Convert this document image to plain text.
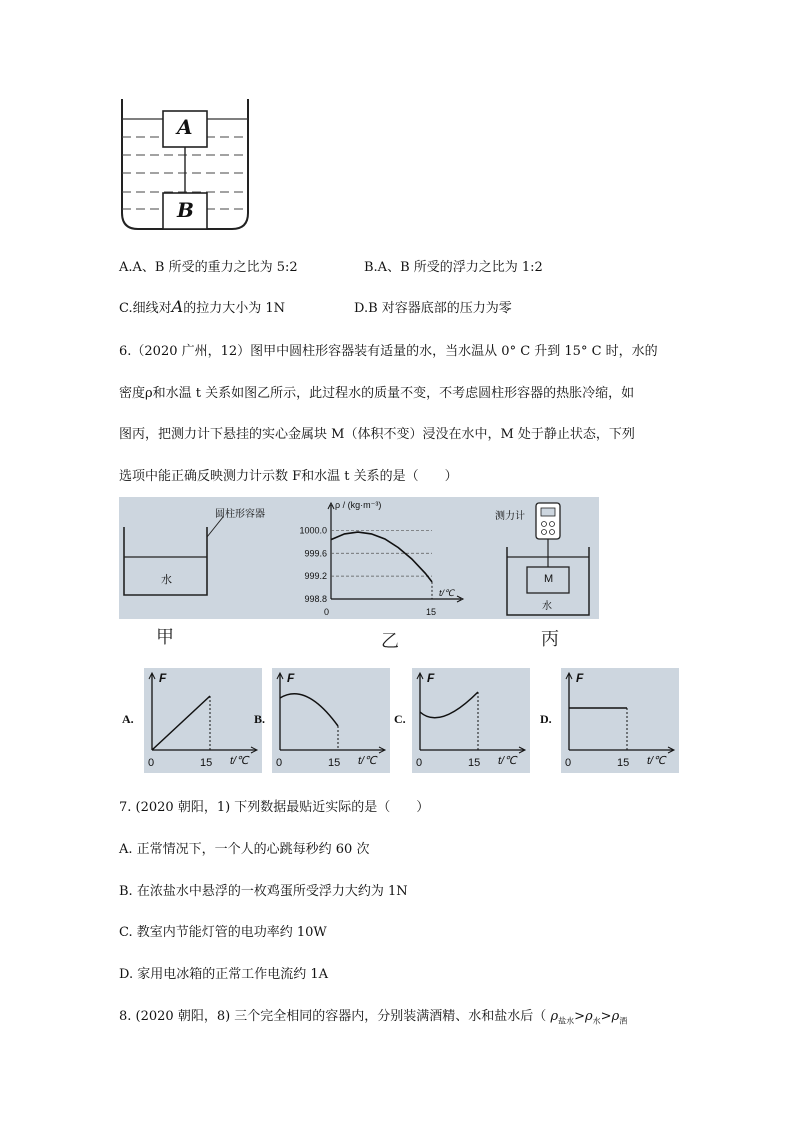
A
B
A.A、B 所受的重力之比为 5:2	B.A、B 所受的浮力之比为 1:2
C.细线对A的拉力大小为 1N	D.B 对容器底部的压力为零
6.（2020 广州，12）图甲中圆柱形容器装有适量的水，当水温从 0° C 升到 15° C 时，水的
密度ρ和水温 t 关系如图乙所示，此过程水的质量不变，不考虑圆柱形容器的热胀冷缩，如
图丙，把测力计下悬挂的实心金属块 M（体积不变）浸没在水中，M 处于静止状态，下列
选项中能正确反映测力计示数 F和水温 t 关系的是（　　）
圆柱形容器
水
1000.0
999.6
999.2
998.8
0	15
t/℃
ρ / (kg·m⁻³)
测力计
M
水
甲	乙	丙
A.
F
0	15 t/℃
B.
F
0	15 t/℃
C.
F
0	15 t/℃
D.
F
0	15 t/℃
7. (2020 朝阳，1) 下列数据最贴近实际的是（　　）
A. 正常情况下，一个人的心跳每秒约 60 次
B. 在浓盐水中悬浮的一枚鸡蛋所受浮力大约为 1N
C. 教室内节能灯管的电功率约 10W
D. 家用电冰箱的正常工作电流约 1A
8. (2020 朝阳，8) 三个完全相同的容器内，分别装满酒精、水和盐水后（ $\rho_{盐水}>\rho_水>\rho_酒$
